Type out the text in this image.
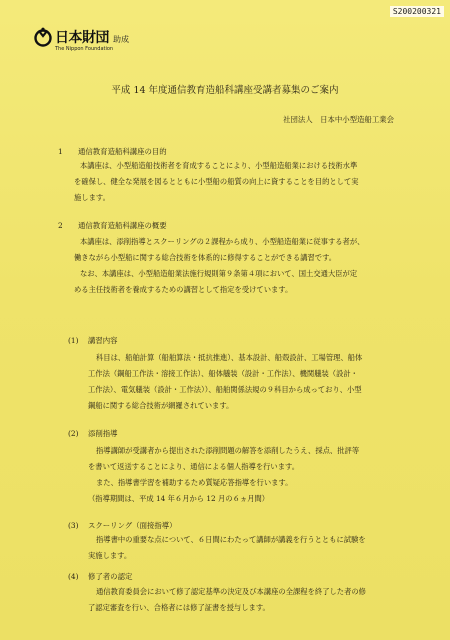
S200200321
日本財団 助成
The Nippon Foundation
平成 14 年度通信教育造船科講座受講者募集のご案内
社団法人　日本中小型造船工業会
1 通信教育造船科講座の目的
本講座は、小型船造船技術者を育成することにより、小型船造船業における技術水準
を確保し、健全な発展を図るとともに小型船の船質の向上に資することを目的として実
施します。
2 通信教育造船科講座の概要
本講座は、添削指導とスクーリングの２課程から成り、小型船造船業に従事する者が、
働きながら小型船に関する総合技術を体系的に修得することができる講習です。
なお、本講座は、小型船造船業法施行規則第９条第４項において、国土交通大臣が定
める主任技術者を養成するための講習として指定を受けています。
(1) 講習内容
科目は、船舶計算（船舶算法・抵抗推進）、基本設計、船殻設計、工場管理、船体
工作法（鋼船工作法・溶接工作法）、船体艤装（設計・工作法）、機関艤装（設計・
工作法）、電気艤装（設計・工作法））、船舶関係法規の９科目から成っており、小型
鋼船に関する総合技術が網羅されています。
(2) 添削指導
指導講師が受講者から提出された添削問題の解答を添削したうえ、採点、批評等
を書いて返送することにより、通信による個人指導を行います。
また、指導書学習を補助するため質疑応答指導を行います。
（指導期間は、平成 14 年６月から 12 月の６ヵ月間）
(3) スクーリング（面接指導）
指導書中の重要な点について、６日間にわたって講師が講義を行うとともに試験を
実施します。
(4) 修了者の認定
通信教育委員会において修了認定基準の決定及び本講座の全課程を終了した者の修
了認定審査を行い、合格者には修了証書を授与します。
